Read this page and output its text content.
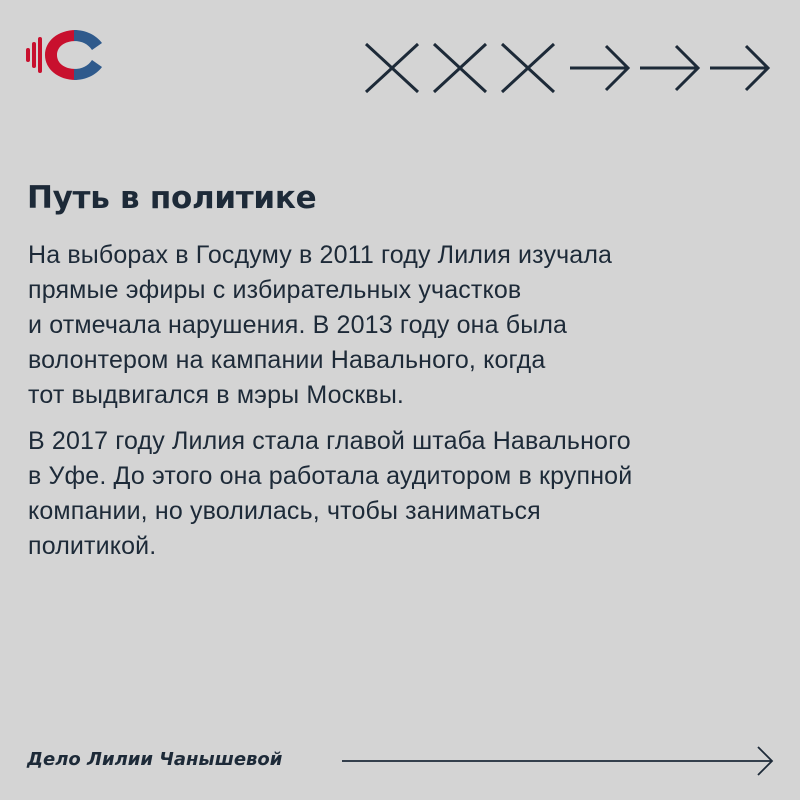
Путь в политике

На выборах в Госдуму в 2011 году Лилия изучала
прямые эфиры с избирательных участков
и отмечала нарушения. В 2013 году она была
волонтером на кампании Навального, когда
тот выдвигался в мэры Москвы.

В 2017 году Лилия стала главой штаба Навального
в Уфе. До этого она работала аудитором в крупной
компании, но уволилась, чтобы заниматься
политикой.

Дело Лилии Чанышевой
